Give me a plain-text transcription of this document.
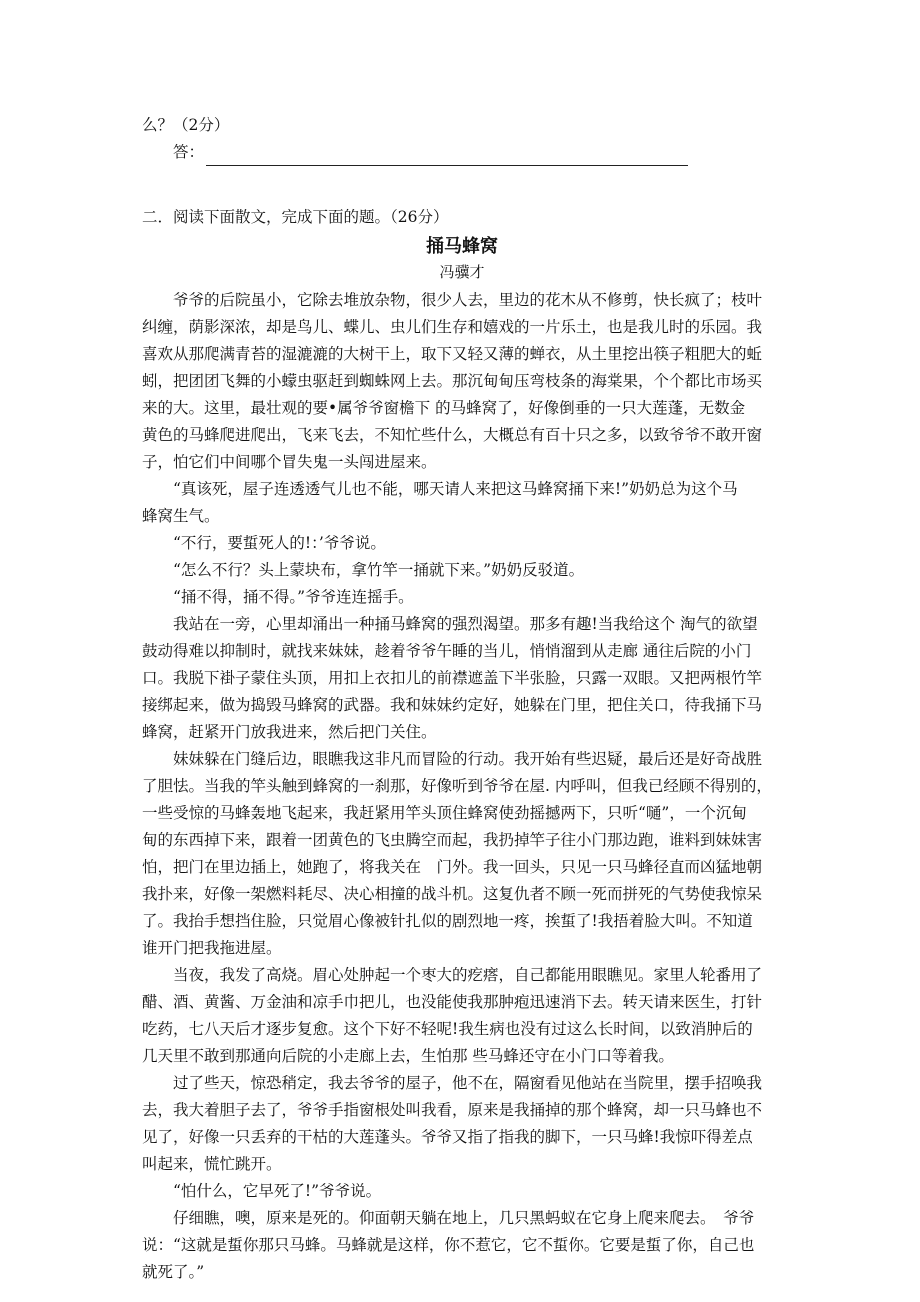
么？（2分）
答：
二．阅读下面散文，完成下面的题。（26分）
捅马蜂窝
冯骥才
爷爷的后院虽小，它除去堆放杂物，很少人去，里边的花木从不修剪，快长疯了；枝叶
纠缠，荫影深浓，却是鸟儿、蝶儿、虫儿们生存和嬉戏的一片乐土，也是我儿时的乐园。我
喜欢从那爬满青苔的湿漉漉的大树干上，取下又轻又薄的蝉衣，从土里挖出筷子粗肥大的蚯
蚓，把团团飞舞的小蠓虫驱赶到蜘蛛网上去。那沉甸甸压弯枝条的海棠果，个个都比市场买
来的大。这里，最壮观的要•属爷爷窗檐下 的马蜂窝了，好像倒垂的一只大莲蓬，无数金
黄色的马蜂爬进爬出，飞来飞去，不知忙些什么，大概总有百十只之多，以致爷爷不敢开窗
子，怕它们中间哪个冒失鬼一头闯进屋来。
“真该死，屋子连透透气儿也不能，哪天请人来把这马蜂窝捅下来!”奶奶总为这个马
蜂窝生气。
“不行，要蜇死人的!：’爷爷说。
“怎么不行？头上蒙块布，拿竹竿一捅就下来。”奶奶反驳道。
“捅不得，捅不得。”爷爷连连摇手。
我站在一旁，心里却涌出一种捅马蜂窝的强烈渴望。那多有趣!当我给这个 淘气的欲望
鼓动得难以抑制时，就找来妹妹，趁着爷爷午睡的当儿，悄悄溜到从走廊 通往后院的小门
口。我脱下褂子蒙住头顶，用扣上衣扣儿的前襟遮盖下半张脸，只露一双眼。又把两根竹竿
接绑起来，做为捣毁马蜂窝的武器。我和妹妹约定好，她躲在门里，把住关口，待我捅下马
蜂窝，赶紧开门放我进来，然后把门关住。
妹妹躲在门缝后边，眼瞧我这非凡而冒险的行动。我开始有些迟疑，最后还是好奇战胜
了胆怯。当我的竿头触到蜂窝的一刹那，好像听到爷爷在屋. 内呼叫，但我已经顾不得别的，
一些受惊的马蜂轰地飞起来，我赶紧用竿头顶住蜂窝使劲摇撼两下，只听“嗵”，一个沉甸
甸的东西掉下来，跟着一团黄色的飞虫腾空而起，我扔掉竿子往小门那边跑，谁料到妹妹害
怕，把门在里边插上，她跑了，将我关在　门外。我一回头，只见一只马蜂径直而凶猛地朝
我扑来，好像一架燃料耗尽、决心相撞的战斗机。这复仇者不顾一死而拼死的气势使我惊呆
了。我抬手想挡住脸，只觉眉心像被针扎似的剧烈地一疼，挨蜇了!我捂着脸大叫。不知道
谁开门把我拖进屋。
当夜，我发了高烧。眉心处肿起一个枣大的疙瘩，自己都能用眼瞧见。家里人轮番用了
醋、酒、黄酱、万金油和凉手巾把儿，也没能使我那肿疱迅速消下去。转天请来医生，打针
吃药，七八天后才逐步复愈。这个下好不轻呢!我生病也没有过这么长时间，以致消肿后的
几天里不敢到那通向后院的小走廊上去，生怕那 些马蜂还守在小门口等着我。
过了些天，惊恐稍定，我去爷爷的屋子，他不在，隔窗看见他站在当院里，摆手招唤我
去，我大着胆子去了，爷爷手指窗根处叫我看，原来是我捅掉的那个蜂窝，却一只马蜂也不
见了，好像一只丢弃的干枯的大莲蓬头。爷爷又指了指我的脚下，一只马蜂!我惊吓得差点
叫起来，慌忙跳开。
“怕什么，它早死了!”爷爷说。
仔细瞧，噢，原来是死的。仰面朝天躺在地上，几只黑蚂蚁在它身上爬来爬去。　爷爷
说：“这就是蜇你那只马蜂。马蜂就是这样，你不惹它，它不蜇你。它要是蜇了你，自己也
就死了。”
